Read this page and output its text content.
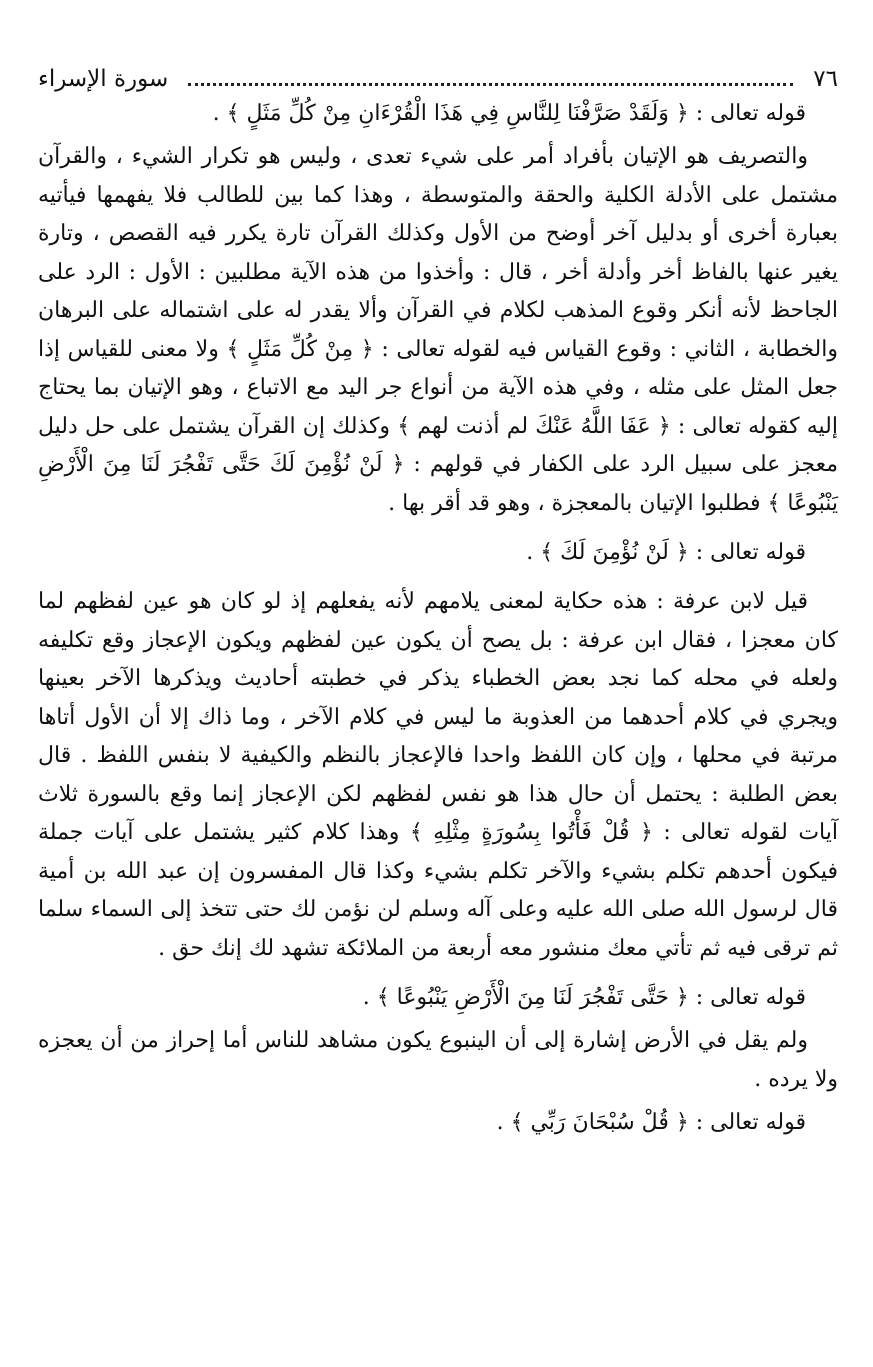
٧٦
سورة الإسراء

قوله تعالى : ﴿ وَلَقَدْ صَرَّفْنَا لِلنَّاسِ فِي هَذَا الْقُرْءَانِ مِنْ كُلِّ مَثَلٍ ﴾ .

والتصريف هو الإتيان بأفراد أمر على شيء تعدى ، وليس هو تكرار الشيء ، والقرآن مشتمل على الأدلة الكلية والحقة والمتوسطة ، وهذا كما بين للطالب فلا يفهمها فيأتيه بعبارة أخرى أو بدليل آخر أوضح من الأول وكذلك القرآن تارة يكرر فيه القصص ، وتارة يغير عنها بالفاظ أخر وأدلة أخر ، قال : وأخذوا من هذه الآية مطلبين : الأول : الرد على الجاحظ لأنه أنكر وقوع المذهب لكلام في القرآن وألا يقدر له على اشتماله على البرهان والخطابة ، الثاني : وقوع القياس فيه لقوله تعالى : ﴿ مِنْ كُلِّ مَثَلٍ ﴾ ولا معنى للقياس إذا جعل المثل على مثله ، وفي هذه الآية من أنواع جر اليد مع الاتباع ، وهو الإتيان بما يحتاج إليه كقوله تعالى : ﴿ عَفَا اللَّهُ عَنْكَ لم أذنت لهم ﴾ وكذلك إن القرآن يشتمل على حل دليل معجز على سبيل الرد على الكفار في قولهم : ﴿ لَنْ نُؤْمِنَ لَكَ حَتَّى تَفْجُرَ لَنَا مِنَ الْأَرْضِ يَنْبُوعًا ﴾ فطلبوا الإتيان بالمعجزة ، وهو قد أقر بها .

قوله تعالى : ﴿ لَنْ نُؤْمِنَ لَكَ ﴾ .

قيل لابن عرفة : هذه حكاية لمعنى يلامهم لأنه يفعلهم إذ لو كان هو عين لفظهم لما كان معجزا ، فقال ابن عرفة : بل يصح أن يكون عين لفظهم ويكون الإعجاز وقع تكليفه ولعله في محله كما نجد بعض الخطباء يذكر في خطبته أحاديث ويذكرها الآخر بعينها ويجري في كلام أحدهما من العذوبة ما ليس في كلام الآخر ، وما ذاك إلا أن الأول أتاها مرتبة في محلها ، وإن كان اللفظ واحدا فالإعجاز بالنظم والكيفية لا بنفس اللفظ . قال بعض الطلبة : يحتمل أن حال هذا هو نفس لفظهم لكن الإعجاز إنما وقع بالسورة ثلاث آيات لقوله تعالى : ﴿ قُلْ فَأْتُوا بِسُورَةٍ مِثْلِهِ ﴾ وهذا كلام كثير يشتمل على آيات جملة فيكون أحدهم تكلم بشيء والآخر تكلم بشيء وكذا قال المفسرون إن عبد الله بن أمية قال لرسول الله صلى الله عليه وعلى آله وسلم لن نؤمن لك حتى تتخذ إلى السماء سلما ثم ترقى فيه ثم تأتي معك منشور معه أربعة من الملائكة تشهد لك إنك حق .

قوله تعالى : ﴿ حَتَّى تَفْجُرَ لَنَا مِنَ الْأَرْضِ يَنْبُوعًا ﴾ .

ولم يقل في الأرض إشارة إلى أن الينبوع يكون مشاهد للناس أما إحراز من أن يعجزه ولا يرده .

قوله تعالى : ﴿ قُلْ سُبْحَانَ رَبِّي ﴾ .
